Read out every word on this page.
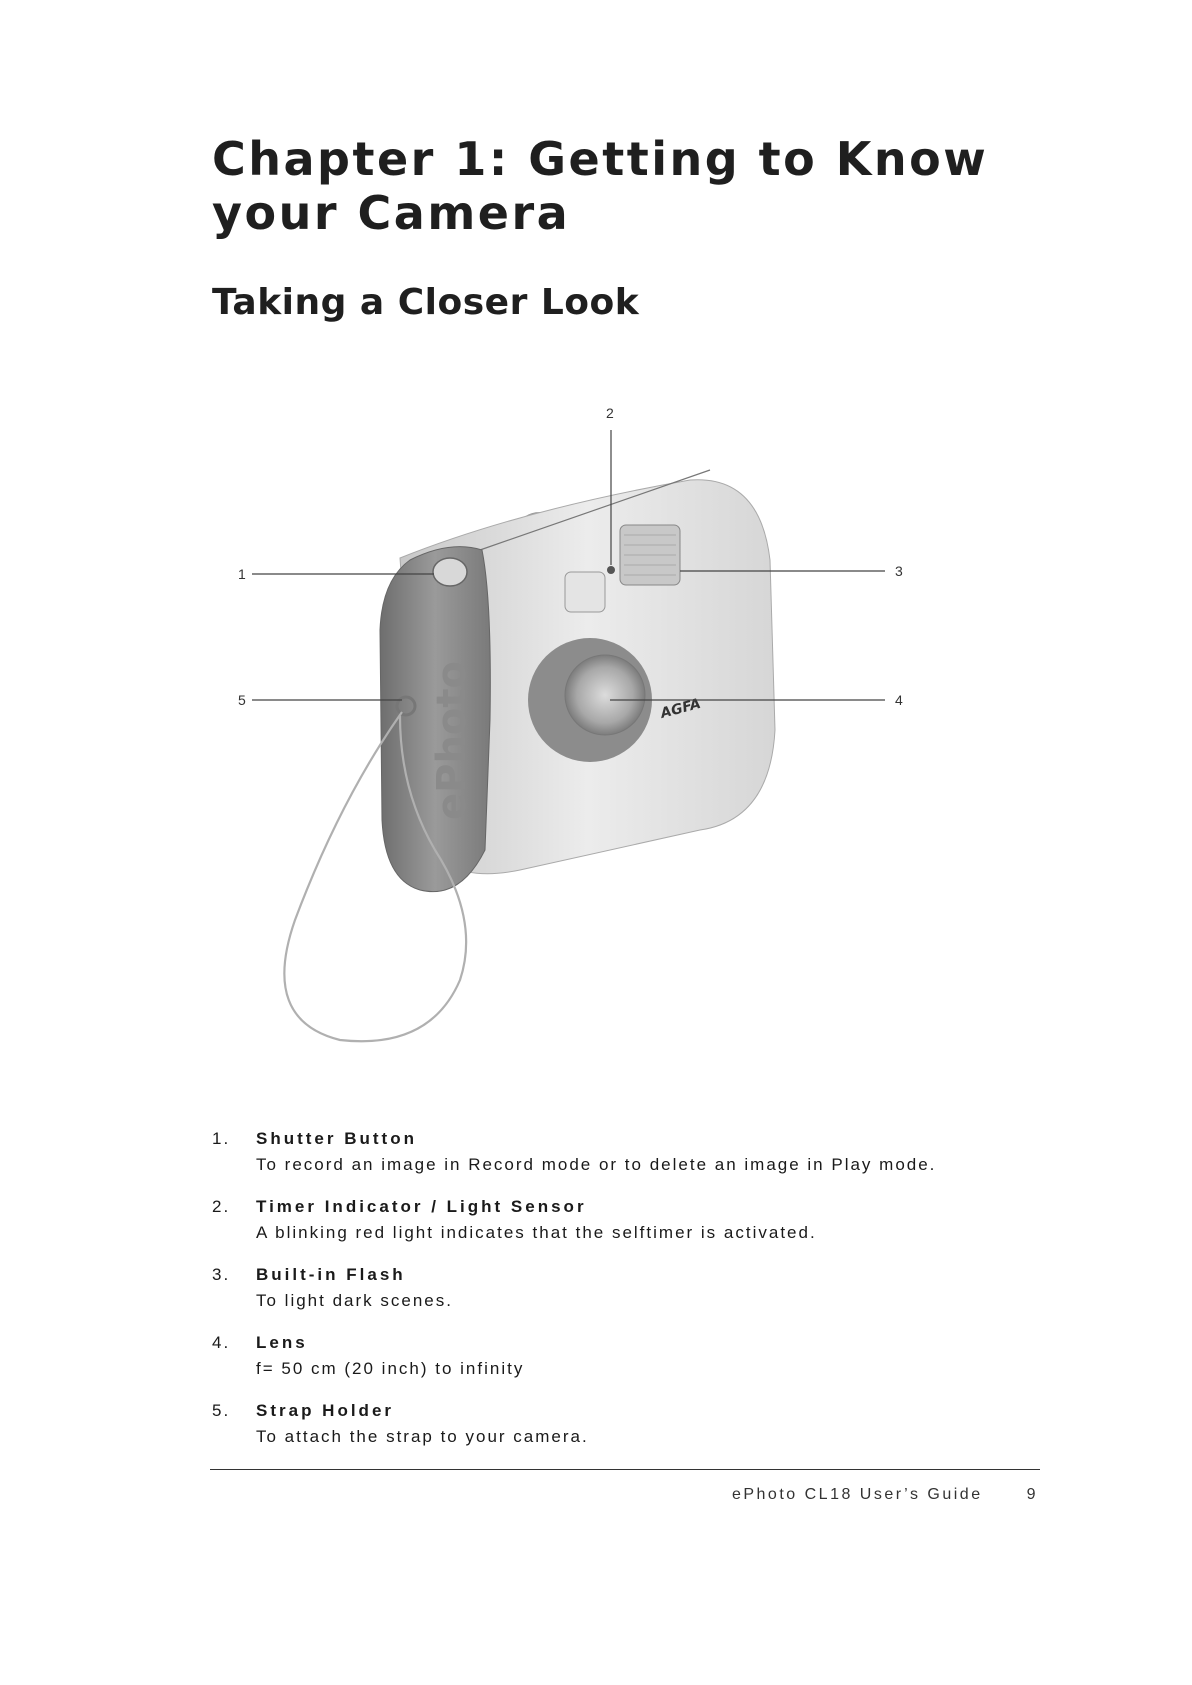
Chapter 1: Getting to Know your Camera
Taking a Closer Look
ePhoto	AGFA
1
2
3
4
5
1. Shutter Button
To record an image in Record mode or to delete an image in Play mode.
2. Timer Indicator / Light Sensor
A blinking red light indicates that the selftimer is activated.
3. Built-in Flash
To light dark scenes.
4. Lens
f= 50 cm (20 inch) to infinity
5. Strap Holder
To attach the strap to your camera.
ePhoto CL18 User’s Guide	9
